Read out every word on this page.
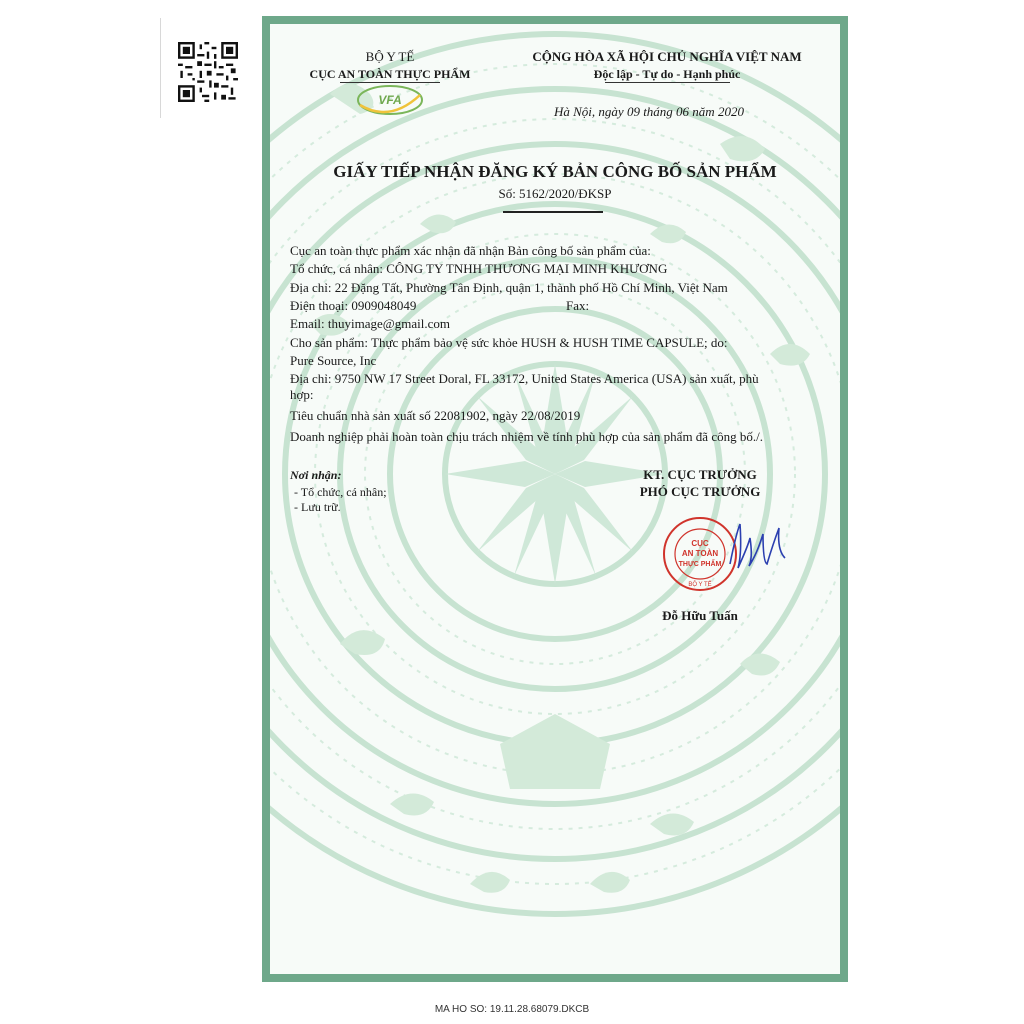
BỘ Y TẾ
CỤC AN TOÀN THỰC PHẨM
VFA
CỘNG HÒA XÃ HỘI CHỦ NGHĨA VIỆT NAM
Độc lập - Tự do - Hạnh phúc
Hà Nội, ngày 09 tháng 06 năm 2020
GIẤY TIẾP NHẬN ĐĂNG KÝ BẢN CÔNG BỐ SẢN PHẨM
Số: 5162/2020/ĐKSP
Cục an toàn thực phẩm xác nhận đã nhận Bản công bố sản phẩm của:
Tổ chức, cá nhân: CÔNG TY TNHH THƯƠNG MẠI MINH KHƯƠNG
Địa chỉ: 22 Đặng Tất, Phường Tân Định, quận 1, thành phố Hồ Chí Minh, Việt Nam
Điện thoại: 0909048049	Fax:
Email: thuyimage@gmail.com
Cho sản phẩm: Thực phẩm bảo vệ sức khỏe HUSH & HUSH TIME CAPSULE; do:
Pure Source, Inc
Địa chỉ: 9750 NW 17 Street Doral, FL 33172, United States America (USA) sản xuất, phù
hợp:
Tiêu chuẩn nhà sản xuất số 22081902, ngày 22/08/2019
Doanh nghiệp phải hoàn toàn chịu trách nhiệm về tính phù hợp của sản phẩm đã công bố./.
Nơi nhận:
- Tổ chức, cá nhân;
- Lưu trữ.
KT. CỤC TRƯỞNG
PHÓ CỤC TRƯỞNG
BỘ Y TẾ
CỤC
AN TOÀN
THỰC PHẨM
Đỗ Hữu Tuấn
MA HO SO: 19.11.28.68079.DKCB
